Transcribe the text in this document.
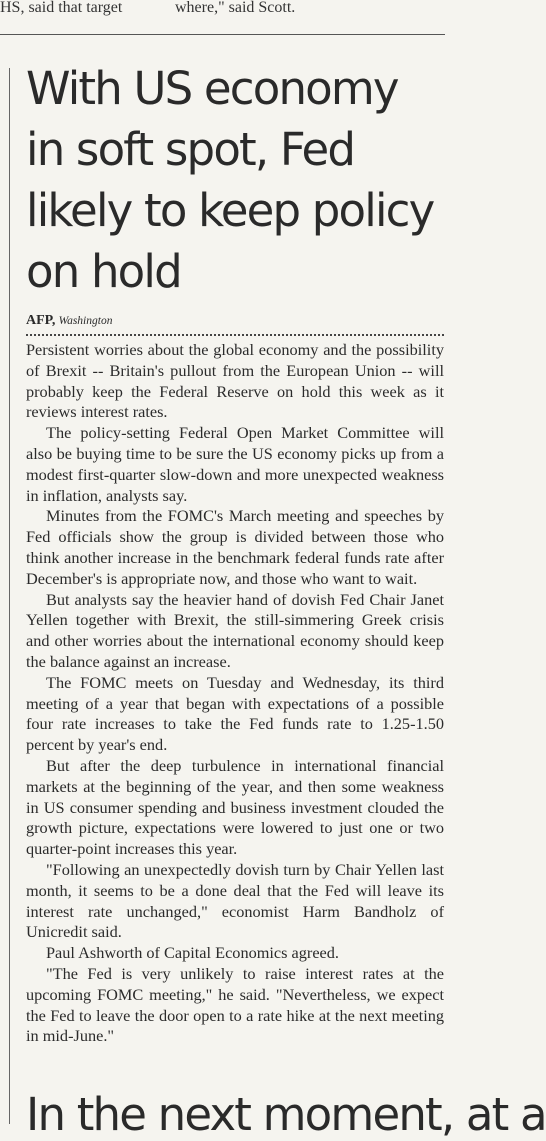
HS, said that target	where," said Scott.
With US economy in soft spot, Fed likely to keep policy on hold
AFP, Washington

Persistent worries about the global economy and the possibility of Brexit -- Britain's pullout from the European Union -- will probably keep the Federal Reserve on hold this week as it reviews interest rates.

The policy-setting Federal Open Market Committee will also be buying time to be sure the US economy picks up from a modest first-quarter slow-down and more unexpected weakness in inflation, analysts say.

Minutes from the FOMC's March meeting and speeches by Fed officials show the group is divided between those who think another increase in the benchmark federal funds rate after December's is appropriate now, and those who want to wait.

But analysts say the heavier hand of dovish Fed Chair Janet Yellen together with Brexit, the still-simmering Greek crisis and other worries about the international economy should keep the balance against an increase.

The FOMC meets on Tuesday and Wednesday, its third meeting of a year that began with expectations of a possible four rate increases to take the Fed funds rate to 1.25-1.50 percent by year's end.

But after the deep turbulence in international financial markets at the beginning of the year, and then some weakness in US consumer spending and business investment clouded the growth picture, expectations were lowered to just one or two quarter-point increases this year.

"Following an unexpectedly dovish turn by Chair Yellen last month, it seems to be a done deal that the Fed will leave its interest rate unchanged," economist Harm Bandholz of Unicredit said.

Paul Ashworth of Capital Economics agreed.

"The Fed is very unlikely to raise interest rates at the upcoming FOMC meeting," he said. "Nevertheless, we expect the Fed to leave the door open to a rate hike at the next meeting in mid-June."

In the next moment, at a
